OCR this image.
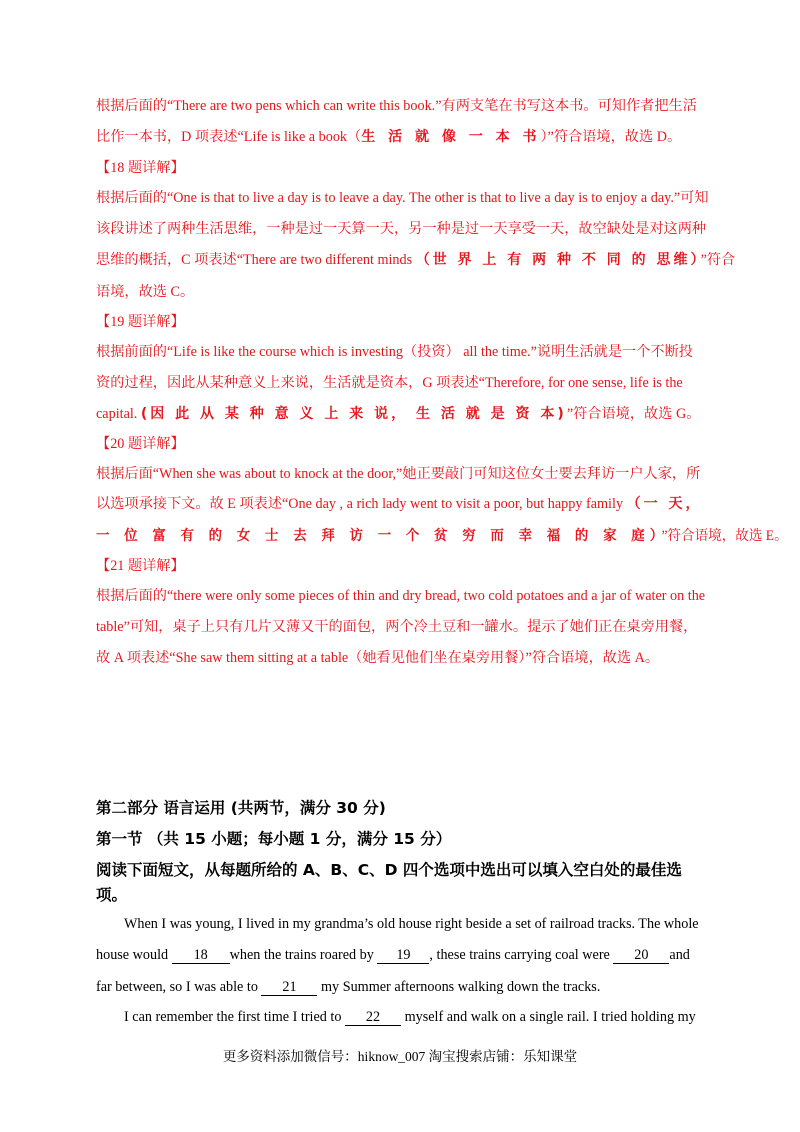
根据后面的“There are two pens which can write this book.”有两支笔在书写这本书。可知作者把生活
比作一本书，D 项表述“Life is like a book（生 活 就 像 一 本 书）”符合语境，故选 D。
【18 题详解】
根据后面的“One is that to live a day is to leave a day. The other is that to live a day is to enjoy a day.”可知
该段讲述了两种生活思维，一种是过一天算一天，另一种是过一天享受一天，故空缺处是对这两种
思维的概括，C 项表述“There are two different minds （世 界 上 有 两 种 不 同 的 思维）”符合
语境，故选 C。
【19 题详解】
根据前面的“Life is like the course which is investing（投资） all the time.”说明生活就是一个不断投
资的过程，因此从某种意义上来说，生活就是资本，G 项表述“Therefore, for one sense, life is the
capital. (因 此 从 某 种 意 义 上 来 说， 生 活 就 是 资 本)”符合语境，故选 G。
【20 题详解】
根据后面“When she was about to knock at the door,”她正要敲门可知这位女士要去拜访一户人家，所
以选项承接下文。故 E 项表述“One day , a rich lady went to visit a poor, but happy family （一 天，
一 位 富 有 的 女 士 去 拜 访 一 个 贫 穷 而 幸 福 的 家 庭）”符合语境，故选 E。
【21 题详解】
根据后面的“there were only some pieces of thin and dry bread, two cold potatoes and a jar of water on the
table”可知，桌子上只有几片又薄又干的面包，两个冷土豆和一罐水。提示了她们正在桌旁用餐，
故 A 项表述“She saw them sitting at a table（她看见他们坐在桌旁用餐）”符合语境，故选 A。
第二部分 语言运用 (共两节，满分 30 分)
第一节 （共 15 小题；每小题 1 分，满分 15 分）
阅读下面短文，从每题所给的 A、B、C、D 四个选项中选出可以填入空白处的最佳选
项。
When I was young, I lived in my grandma’s old house right beside a set of railroad tracks. The whole
house would 18 when the trains roared by 19 , these trains carrying coal were 20 and
far between, so I was able to 21 my Summer afternoons walking down the tracks.
I can remember the first time I tried to 22 myself and walk on a single rail. I tried holding my
更多资料添加微信号：hiknow_007 淘宝搜索店铺：乐知课堂
